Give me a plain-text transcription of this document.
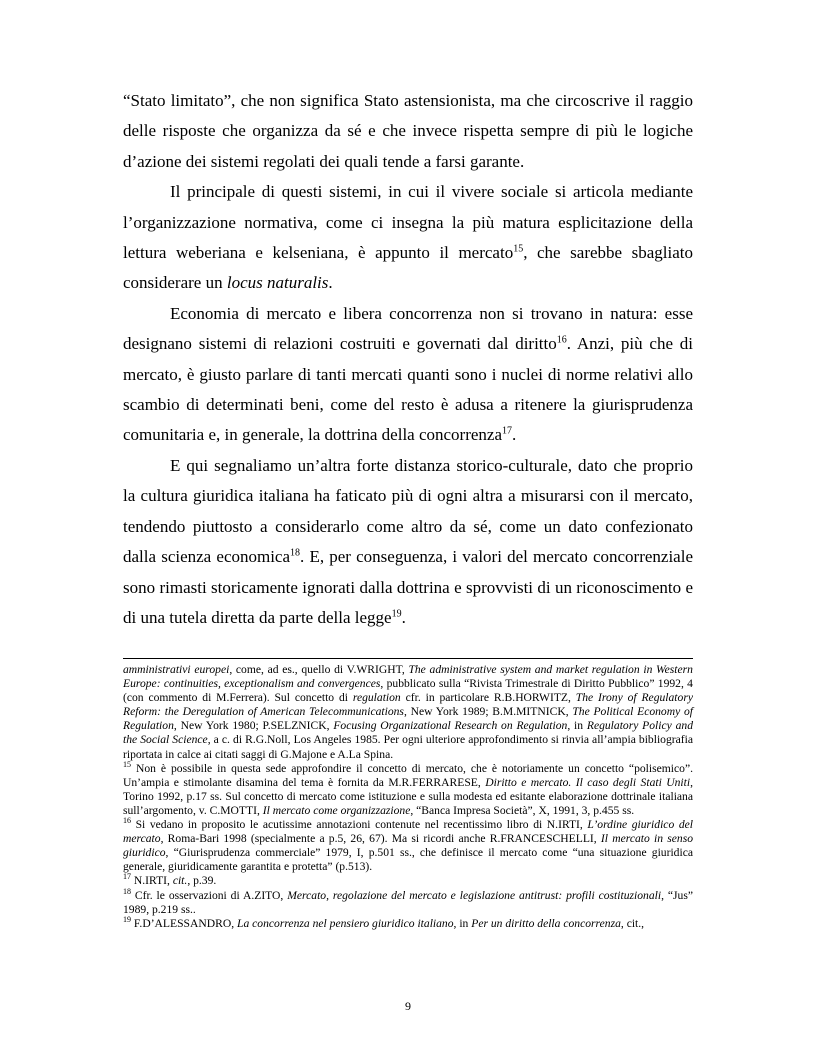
“Stato limitato”, che non significa Stato astensionista, ma che circoscrive il raggio delle risposte che organizza da sé e che invece rispetta sempre di più le logiche d’azione dei sistemi regolati dei quali tende a farsi garante.

Il principale di questi sistemi, in cui il vivere sociale si articola mediante l’organizzazione normativa, come ci insegna la più matura esplicitazione della lettura weberiana e kelseniana, è appunto il mercato$^{15}$, che sarebbe sbagliato considerare un locus naturalis.

Economia di mercato e libera concorrenza non si trovano in natura: esse designano sistemi di relazioni costruiti e governati dal diritto$^{16}$. Anzi, più che di mercato, è giusto parlare di tanti mercati quanti sono i nuclei di norme relativi allo scambio di determinati beni, come del resto è adusa a ritenere la giurisprudenza comunitaria e, in generale, la dottrina della concorrenza$^{17}$.

E qui segnaliamo un’altra forte distanza storico-culturale, dato che proprio la cultura giuridica italiana ha faticato più di ogni altra a misurarsi con il mercato, tendendo piuttosto a considerarlo come altro da sé, come un dato confezionato dalla scienza economica$^{18}$. E, per conseguenza, i valori del mercato concorrenziale sono rimasti storicamente ignorati dalla dottrina e sprovvisti di un riconoscimento e di una tutela diretta da parte della legge$^{19}$.

amministrativi europei, come, ad es., quello di V.WRIGHT, The administrative system and market regulation in Western Europe: continuities, exceptionalism and convergences, pubblicato sulla “Rivista Trimestrale di Diritto Pubblico” 1992, 4 (con commento di M.Ferrera). Sul concetto di regulation cfr. in particolare R.B.HORWITZ, The Irony of Regulatory Reform: the Deregulation of American Telecommunications, New York 1989; B.M.MITNICK, The Political Economy of Regulation, New York 1980; P.SELZNICK, Focusing Organizational Research on Regulation, in Regulatory Policy and the Social Science, a c. di R.G.Noll, Los Angeles 1985. Per ogni ulteriore approfondimento si rinvia all’ampia bibliografia riportata in calce ai citati saggi di G.Majone e A.La Spina.

$^{15}$ Non è possibile in questa sede approfondire il concetto di mercato, che è notoriamente un concetto “polisemico”. Un’ampia e stimolante disamina del tema è fornita da M.R.FERRARESE, Diritto e mercato. Il caso degli Stati Uniti, Torino 1992, p.17 ss. Sul concetto di mercato come istituzione e sulla modesta ed esitante elaborazione dottrinale italiana sull’argomento, v. C.MOTTI, Il mercato come organizzazione, “Banca Impresa Società”, X, 1991, 3, p.455 ss.

$^{16}$ Si vedano in proposito le acutissime annotazioni contenute nel recentissimo libro di N.IRTI, L’ordine giuridico del mercato, Roma-Bari 1998 (specialmente a p.5, 26, 67). Ma si ricordi anche R.FRANCESCHELLI, Il mercato in senso giuridico, “Giurisprudenza commerciale” 1979, I, p.501 ss., che definisce il mercato come “una situazione giuridica generale, giuridicamente garantita e protetta” (p.513).

$^{17}$ N.IRTI, cit., p.39.

$^{18}$ Cfr. le osservazioni di A.ZITO, Mercato, regolazione del mercato e legislazione antitrust: profili costituzionali, “Jus” 1989, p.219 ss..

$^{19}$ F.D’ALESSANDRO, La concorrenza nel pensiero giuridico italiano, in Per un diritto della concorrenza, cit.,

9
